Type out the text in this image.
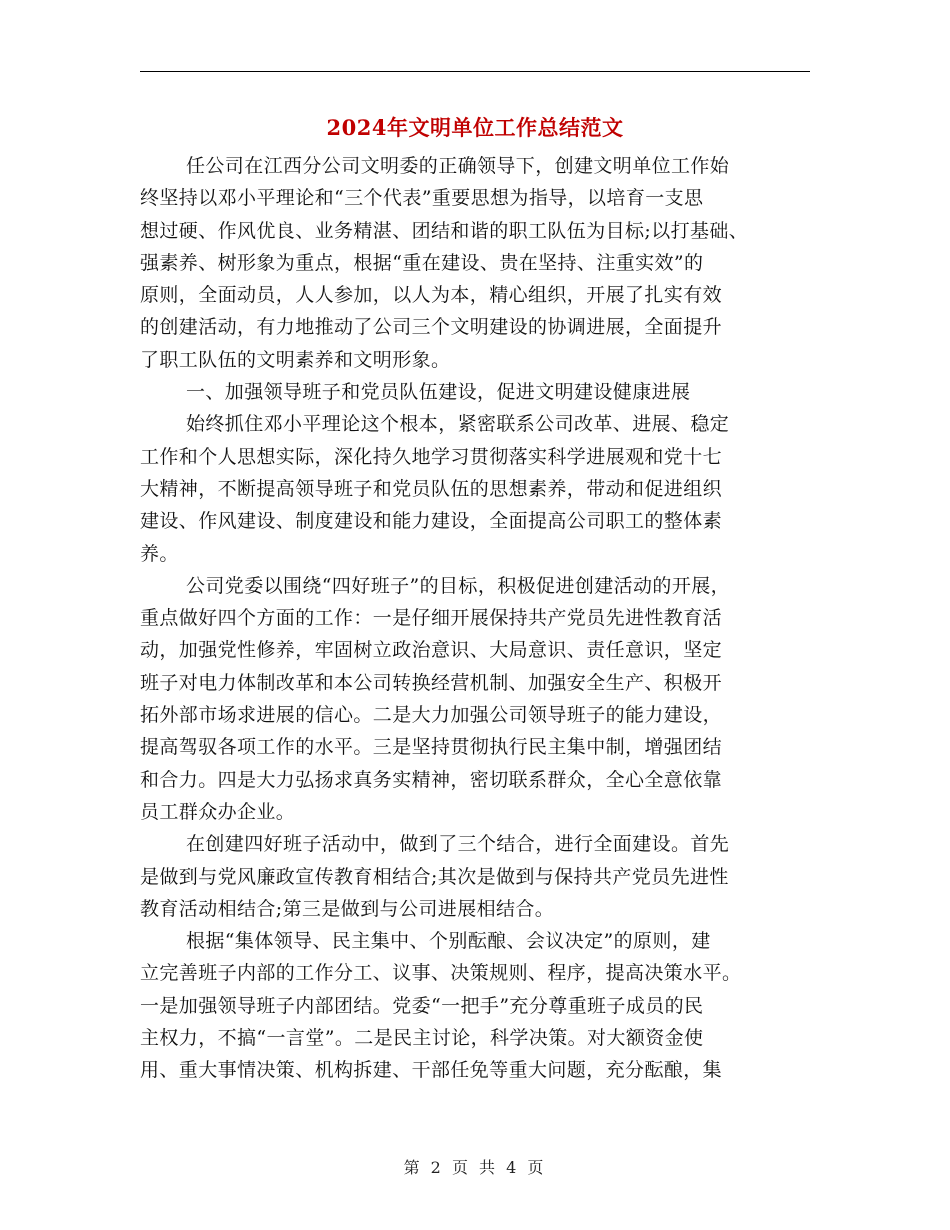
2024年文明单位工作总结范文
任公司在江西分公司文明委的正确领导下，创建文明单位工作始
终坚持以邓小平理论和“三个代表”重要思想为指导，以培育一支思
想过硬、作风优良、业务精湛、团结和谐的职工队伍为目标;以打基础、
强素养、树形象为重点，根据“重在建设、贵在坚持、注重实效”的
原则，全面动员，人人参加，以人为本，精心组织，开展了扎实有效
的创建活动，有力地推动了公司三个文明建设的协调进展，全面提升
了职工队伍的文明素养和文明形象。
一、加强领导班子和党员队伍建设，促进文明建设健康进展
始终抓住邓小平理论这个根本，紧密联系公司改革、进展、稳定
工作和个人思想实际，深化持久地学习贯彻落实科学进展观和党十七
大精神，不断提高领导班子和党员队伍的思想素养，带动和促进组织
建设、作风建设、制度建设和能力建设，全面提高公司职工的整体素
养。
公司党委以围绕“四好班子”的目标，积极促进创建活动的开展，
重点做好四个方面的工作：一是仔细开展保持共产党员先进性教育活
动，加强党性修养，牢固树立政治意识、大局意识、责任意识，坚定
班子对电力体制改革和本公司转换经营机制、加强安全生产、积极开
拓外部市场求进展的信心。二是大力加强公司领导班子的能力建设，
提高驾驭各项工作的水平。三是坚持贯彻执行民主集中制，增强团结
和合力。四是大力弘扬求真务实精神，密切联系群众，全心全意依靠
员工群众办企业。
在创建四好班子活动中，做到了三个结合，进行全面建设。首先
是做到与党风廉政宣传教育相结合;其次是做到与保持共产党员先进性
教育活动相结合;第三是做到与公司进展相结合。
根据“集体领导、民主集中、个别酝酿、会议决定”的原则，建
立完善班子内部的工作分工、议事、决策规则、程序，提高决策水平。
一是加强领导班子内部团结。党委“一把手”充分尊重班子成员的民
主权力，不搞“一言堂”。二是民主讨论，科学决策。对大额资金使
用、重大事情决策、机构拆建、干部任免等重大问题，充分酝酿，集
第 2 页 共 4 页
